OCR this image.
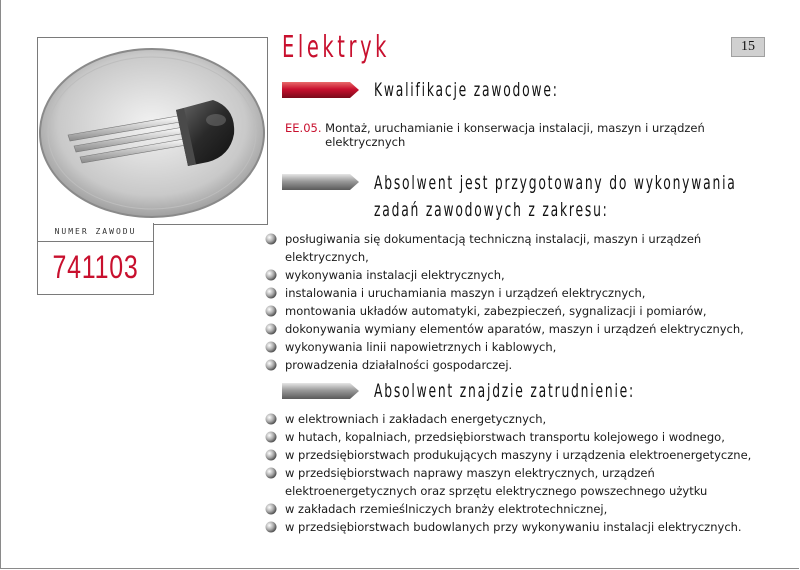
NUMER ZAWODU
741103
15
Elektryk
Kwalifikacje zawodowe:
EE.05. Montaż, uruchamianie i konserwacja instalacji, maszyn i urządzeń elektrycznych
Absolwent jest przygotowany do wykonywania
zadań zawodowych z zakresu:
posługiwania się dokumentacją techniczną instalacji, maszyn i urządzeń elektrycznych,
wykonywania instalacji elektrycznych,
instalowania i uruchamiania maszyn i urządzeń elektrycznych,
montowania układów automatyki, zabezpieczeń, sygnalizacji i pomiarów,
dokonywania wymiany elementów aparatów, maszyn i urządzeń elektrycznych,
wykonywania linii napowietrznych i kablowych,
prowadzenia działalności gospodarczej.
Absolwent znajdzie zatrudnienie:
w elektrowniach i zakładach energetycznych,
w hutach, kopalniach, przedsiębiorstwach transportu kolejowego i wodnego,
w przedsiębiorstwach produkujących maszyny i urządzenia elektroenergetyczne,
w przedsiębiorstwach naprawy maszyn elektrycznych, urządzeń elektroenergetycznych oraz sprzętu elektrycznego powszechnego użytku
w zakładach rzemieślniczych branży elektrotechnicznej,
w przedsiębiorstwach budowlanych przy wykonywaniu instalacji elektrycznych.
